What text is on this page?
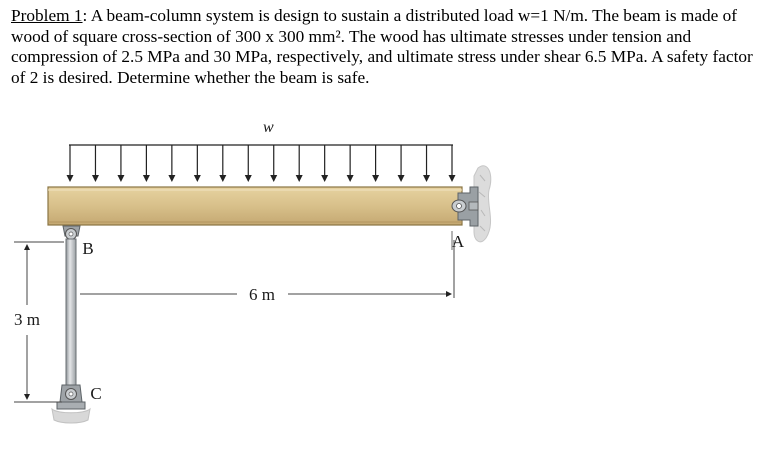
Problem 1: A beam-column system is design to sustain a distributed load w=1 N/m. The beam is made of wood of square cross-section of 300 x 300 mm². The wood has ultimate stresses under tension and compression of 2.5 MPa and 30 MPa, respectively, and ultimate stress under shear 6.5 MPa. A safety factor of 2 is desired. Determine whether the beam is safe.

w
6 m
3 m
A
B
C
